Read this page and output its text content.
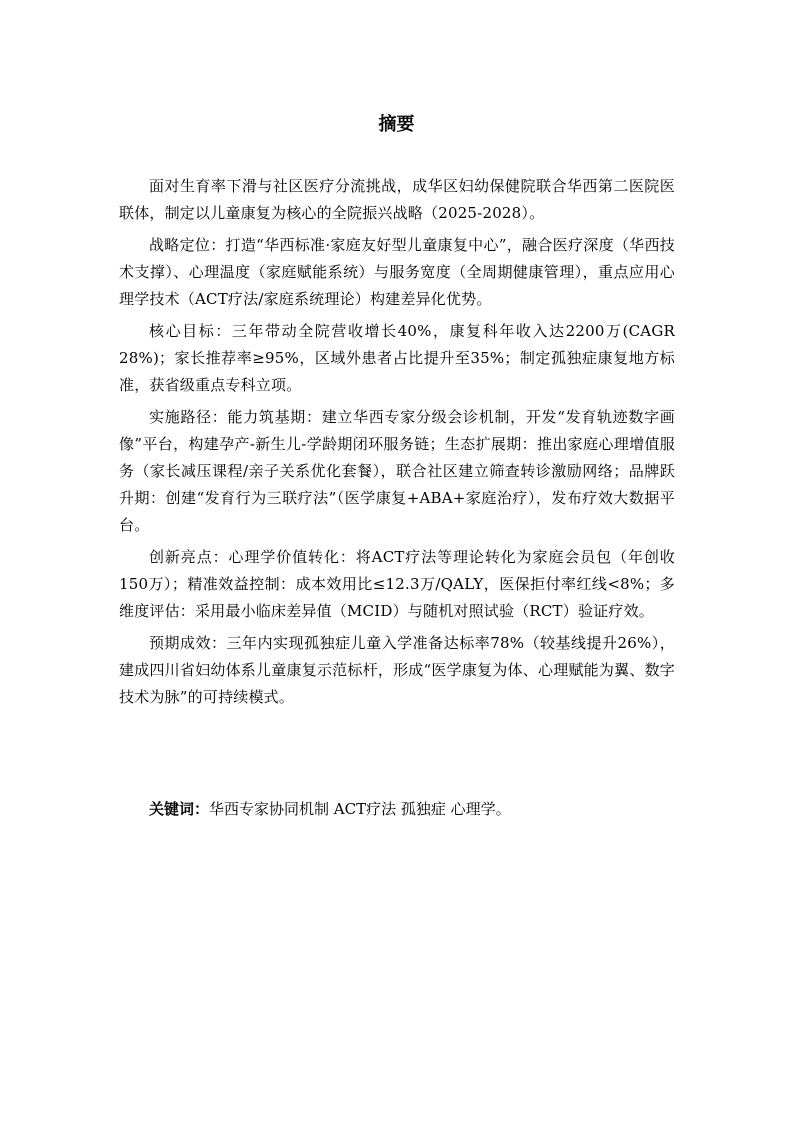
摘要

面对生育率下滑与社区医疗分流挑战，成华区妇幼保健院联合华西第二医院医联体，制定以儿童康复为核心的全院振兴战略（2025-2028）。

战略定位：打造“华西标准·家庭友好型儿童康复中心”，融合医疗深度（华西技术支撑）、心理温度（家庭赋能系统）与服务宽度（全周期健康管理），重点应用心理学技术（ACT疗法/家庭系统理论）构建差异化优势。

核心目标：三年带动全院营收增长40%，康复科年收入达2200万(CAGR 28%)；家长推荐率≥95%，区域外患者占比提升至35%；制定孤独症康复地方标准，获省级重点专科立项。

实施路径：能力筑基期：建立华西专家分级会诊机制，开发“发育轨迹数字画像”平台，构建孕产-新生儿-学龄期闭环服务链；生态扩展期：推出家庭心理增值服务（家长减压课程/亲子关系优化套餐），联合社区建立筛查转诊激励网络；品牌跃升期：创建“发育行为三联疗法”（医学康复+ABA+家庭治疗），发布疗效大数据平台。

创新亮点：心理学价值转化：将ACT疗法等理论转化为家庭会员包（年创收150万）；精准效益控制：成本效用比≤12.3万/QALY，医保拒付率红线<8%；多维度评估：采用最小临床差异值（MCID）与随机对照试验（RCT）验证疗效。

预期成效：三年内实现孤独症儿童入学准备达标率78%（较基线提升26%），建成四川省妇幼体系儿童康复示范标杆，形成“医学康复为体、心理赋能为翼、数字技术为脉”的可持续模式。

关键词：华西专家协同机制 ACT疗法 孤独症 心理学。
